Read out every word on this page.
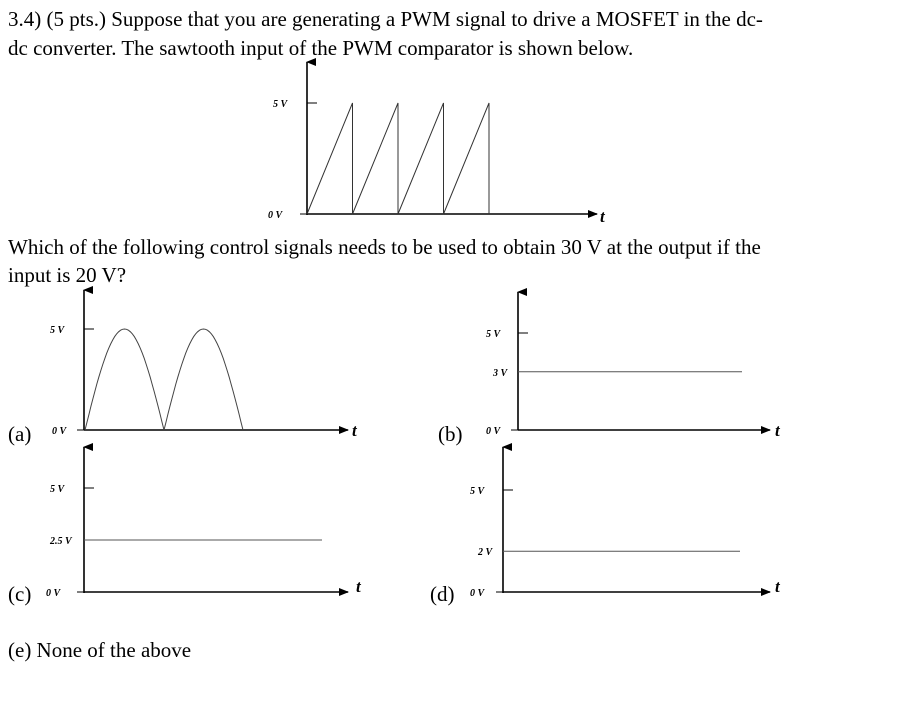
3.4) (5 pts.) Suppose that you are generating a PWM signal to drive a MOSFET in the dc-
dc converter. The sawtooth input of the PWM comparator is shown below.
Which of the following control signals needs to be used to obtain 30 V at the output if the
input is 20 V?
(e) None of the above
5 V
0 V	t
5 V
0 V	t
(a)
5 V
3 V
0 V	t
(b)
5 V
2.5 V
0 V	t
(c)
5 V
2 V
0 V	t
(d)
